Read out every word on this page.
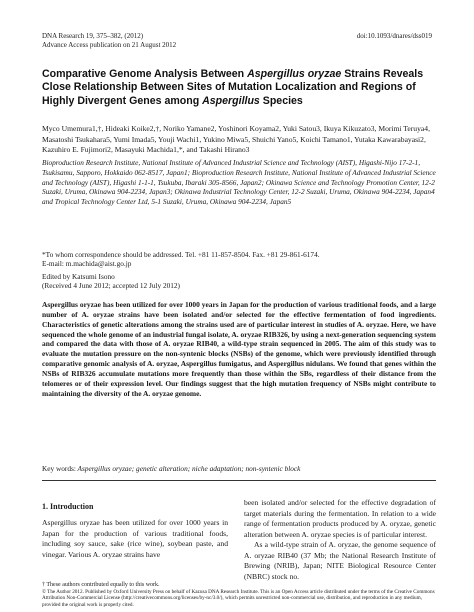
DNA Research 19, 375–382, (2012)
Advance Access publication on 21 August 2012
doi:10.1093/dnares/dss019
Comparative Genome Analysis Between Aspergillus oryzae Strains Reveals Close Relationship Between Sites of Mutation Localization and Regions of Highly Divergent Genes among Aspergillus Species
Myco Umemura1,†, Hideaki Koike2,†, Noriko Yamane2, Yoshinori Koyama2, Yuki Satou3, Ikuya Kikuzato3, Morimi Teruya4, Masatoshi Tsukahara5, Yumi Imada5, Youji Wachi1, Yukino Miwa5, Shuichi Yano5, Koichi Tamano1, Yutaka Kawarabayasi2, Kazuhiro E. Fujimori2, Masayuki Machida1,*, and Takashi Hirano3
Bioproduction Research Institute, National Institute of Advanced Industrial Science and Technology (AIST), Higashi-Nijo 17-2-1, Tsukisamu, Sapporo, Hokkaido 062-8517, Japan1; Bioproduction Research Institute, National Institute of Advanced Industrial Science and Technology (AIST), Higashi 1-1-1, Tsukuba, Ibaraki 305-8566, Japan2; Okinawa Science and Technology Promotion Center, 12-2 Suzaki, Uruma, Okinawa 904-2234, Japan3; Okinawa Industrial Technology Center, 12-2 Suzaki, Uruma, Okinawa 904-2234, Japan4 and Tropical Technology Center Ltd, 5-1 Suzaki, Uruma, Okinawa 904-2234, Japan5
*To whom correspondence should be addressed. Tel. +81 11-857-8504. Fax. +81 29-861-6174.
E-mail: m.machida@aist.go.jp
Edited by Katsumi Isono
(Received 4 June 2012; accepted 12 July 2012)
Aspergillus oryzae has been utilized for over 1000 years in Japan for the production of various traditional foods, and a large number of A. oryzae strains have been isolated and/or selected for the effective fermentation of food ingredients. Characteristics of genetic alterations among the strains used are of particular interest in studies of A. oryzae. Here, we have sequenced the whole genome of an industrial fungal isolate, A. oryzae RIB326, by using a next-generation sequencing system and compared the data with those of A. oryzae RIB40, a wild-type strain sequenced in 2005. The aim of this study was to evaluate the mutation pressure on the non-syntenic blocks (NSBs) of the genome, which were previously identified through comparative genomic analysis of A. oryzae, Aspergillus fumigatus, and Aspergillus nidulans. We found that genes within the NSBs of RIB326 accumulate mutations more frequently than those within the SBs, regardless of their distance from the telomeres or of their expression level. Our findings suggest that the high mutation frequency of NSBs might contribute to maintaining the diversity of the A. oryzae genome.
Key words: Aspergillus oryzae; genetic alteration; niche adaptation; non-syntenic block
1. Introduction
Aspergillus oryzae has been utilized for over 1000 years in Japan for the production of various traditional foods, including soy sauce, sake (rice wine), soybean paste, and vinegar. Various A. oryzae strains have
been isolated and/or selected for the effective degradation of target materials during the fermentation. In relation to a wide range of fermentation products produced by A. oryzae, genetic alteration between A. oryzae species is of particular interest.
As a wild-type strain of A. oryzae, the genome sequence of A. oryzae RIB40 (37 Mb; the National Research Institute of Brewing (NRIB), Japan; NITE Biological Resource Center (NBRC) stock no.
† These authors contributed equally to this work.
© The Author 2012. Published by Oxford University Press on behalf of Kazusa DNA Research Institute. This is an Open Access article distributed under the terms of the Creative Commons Attribution Non-Commercial License (http://creativecommons.org/licenses/by-nc/3.0/), which permits unrestricted non-commercial use, distribution, and reproduction in any medium, provided the original work is properly cited.
